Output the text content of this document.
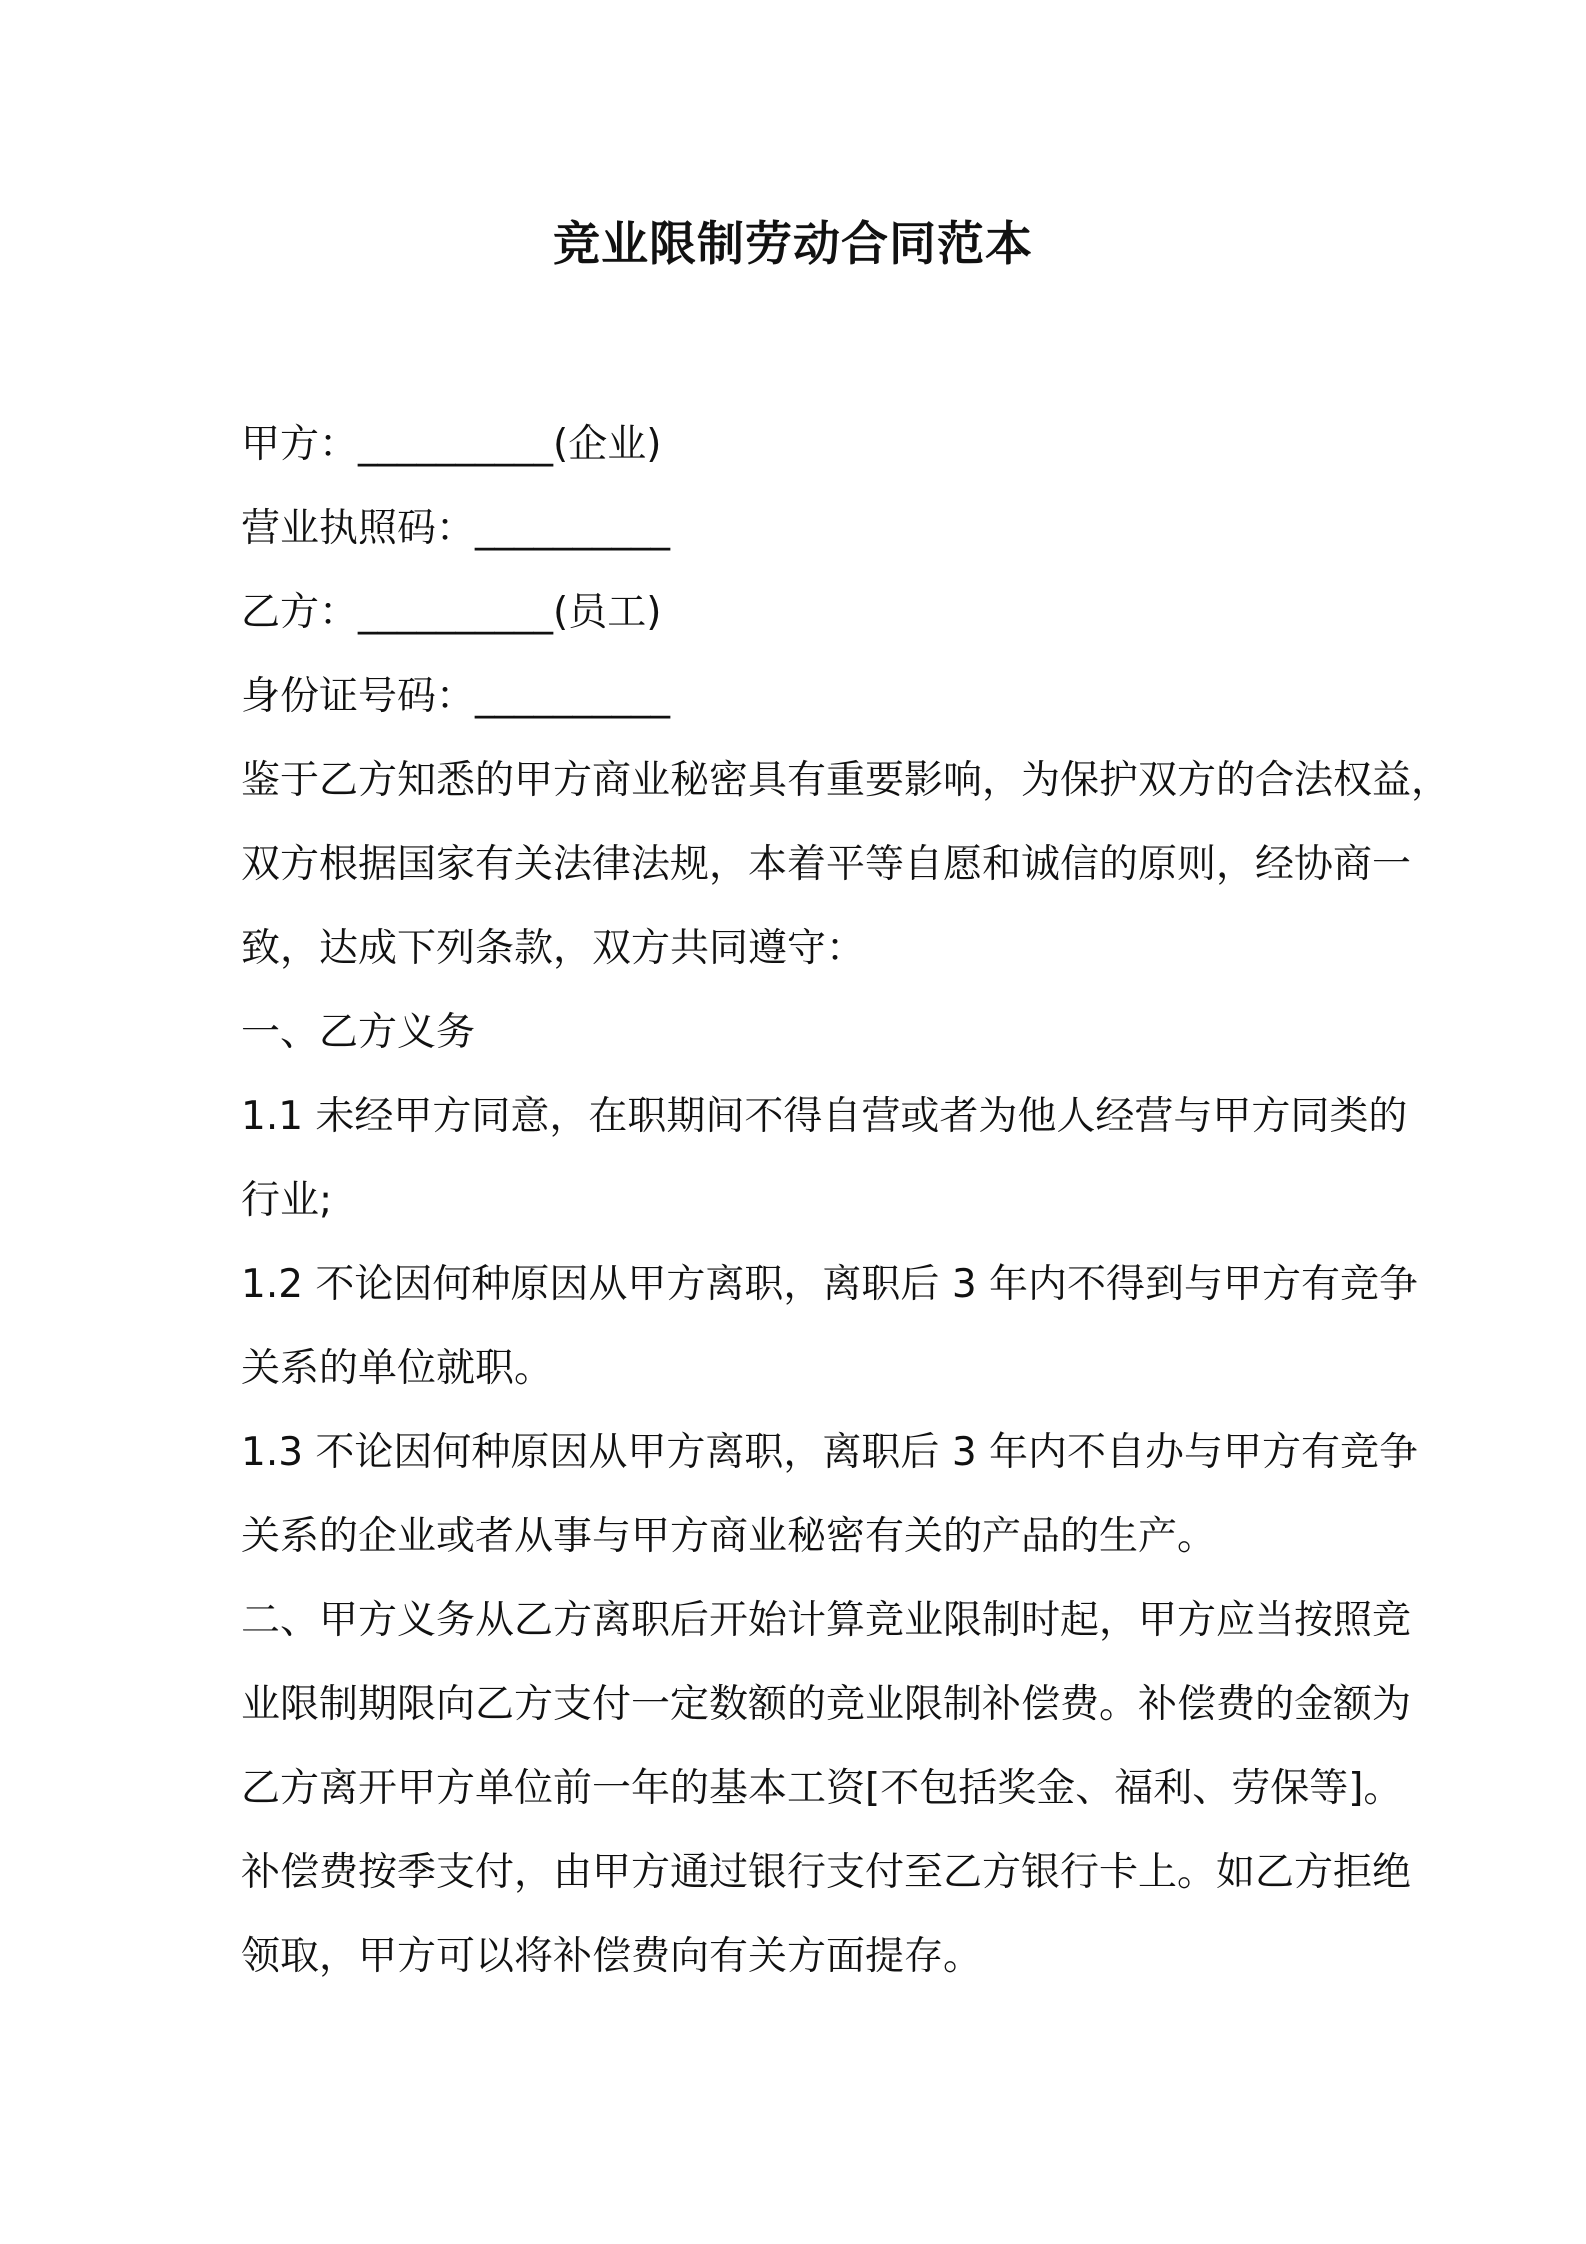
竞业限制劳动合同范本

甲方：__________(企业)

营业执照码：__________

乙方：__________(员工)

身份证号码：__________

鉴于乙方知悉的甲方商业秘密具有重要影响，为保护双方的合法权益，

双方根据国家有关法律法规，本着平等自愿和诚信的原则，经协商一

致，达成下列条款，双方共同遵守：

一、乙方义务

1.1 未经甲方同意，在职期间不得自营或者为他人经营与甲方同类的

行业;

1.2 不论因何种原因从甲方离职，离职后 3 年内不得到与甲方有竞争

关系的单位就职。

1.3 不论因何种原因从甲方离职，离职后 3 年内不自办与甲方有竞争

关系的企业或者从事与甲方商业秘密有关的产品的生产。

二、甲方义务从乙方离职后开始计算竞业限制时起，甲方应当按照竞

业限制期限向乙方支付一定数额的竞业限制补偿费。补偿费的金额为

乙方离开甲方单位前一年的基本工资[不包括奖金、福利、劳保等]。

补偿费按季支付，由甲方通过银行支付至乙方银行卡上。如乙方拒绝

领取，甲方可以将补偿费向有关方面提存。
